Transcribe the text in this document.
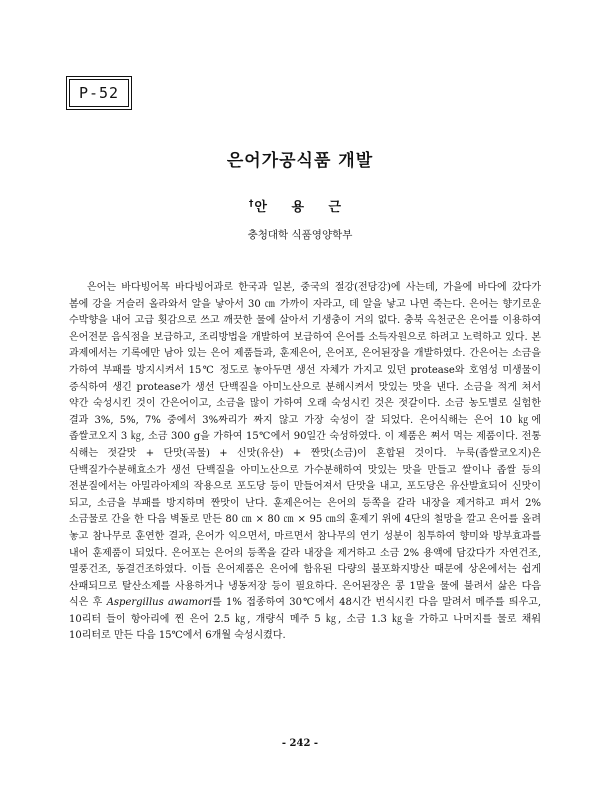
P-52
은어가공식품 개발
†안 용 근
충청대학 식품영양학부

은어는 바다빙어목 바다빙어과로 한국과 일본, 중국의 절강(전당강)에 사는데, 가을에 바다에 갔다가 봄에 강을 거슬러 올라와서 알을 낳아서 30 ㎝ 가까이 자라고, 데 알을 낳고 나면 죽는다. 은어는 향기로운 수박향을 내어 고급 횟감으로 쓰고 깨끗한 물에 살아서 기생충이 거의 없다. 충북 옥천군은 은어를 이용하여 은어전문 음식점을 보급하고, 조리방법을 개발하여 보급하여 은어를 소득자원으로 하려고 노력하고 있다. 본 과제에서는 기록에만 남아 있는 은어 제품들과, 훈제은어, 은어포, 은어된장을 개발하였다. 간은어는 소금을 가하여 부패를 방지시켜서 15℃ 정도로 놓아두면 생선 자체가 가지고 있던 protease와 호염성 미생물이 증식하여 생긴 protease가 생선 단백질을 아미노산으로 분해시켜서 맛있는 맛을 낸다. 소금을 적게 쳐서 약간 숙성시킨 것이 간은어이고, 소금을 많이 가하여 오래 숙성시킨 것은 젓갈이다. 소금 농도별로 실험한 결과 3%, 5%, 7% 중에서 3%짜리가 짜지 않고 가장 숙성이 잘 되었다. 은어식해는 은어 10 ㎏에 좁쌀코오지 3 ㎏, 소금 300 g을 가하여 15℃에서 90일간 숙성하였다. 이 제품은 쪄서 먹는 제품이다. 전통 식해는 젓갈맛 + 단맛(곡물) + 신맛(유산) + 짠맛(소금)이 혼합된 것이다. 누룩(좁쌀코오지)은 단백질가수분해효소가 생선 단백질을 아미노산으로 가수분해하여 맛있는 맛을 만들고 쌀이나 좁쌀 등의 전분질에서는 아밀라아제의 작용으로 포도당 등이 만들어져서 단맛을 내고, 포도당은 유산발효되어 신맛이 되고, 소금을 부패를 방지하며 짠맛이 난다. 훈제은어는 은어의 등쪽을 갈라 내장을 제거하고 펴서 2% 소금물로 간을 한 다음 벽돌로 만든 80 ㎝ × 80 ㎝ × 95 ㎝의 훈제기 위에 4단의 철망을 깔고 은어를 올려 놓고 참나무로 훈연한 결과, 은어가 익으면서, 마르면서 참나무의 연기 성분이 침투하여 향미와 방부효과를 내어 훈제품이 되었다. 은어포는 은어의 등쪽을 갈라 내장을 제거하고 소금 2% 용액에 담갔다가 자연건조, 열풍건조, 동결건조하였다. 이들 은어제품은 은어에 함유된 다량의 불포화지방산 때문에 상온에서는 쉽게 산패되므로 탈산소제를 사용하거나 냉동저장 등이 필요하다. 은어된장은 콩 1말을 물에 불려서 삶은 다음 식은 후 Aspergillus awamori를 1% 접종하여 30℃에서 48시간 번식시킨 다음 말려서 메주를 띄우고, 10리터 들이 항아리에 찐 은어 2.5 ㎏, 개량식 메주 5 ㎏, 소금 1.3 ㎏을 가하고 나머지를 물로 채워 10리터로 만든 다음 15℃에서 6개월 숙성시켰다.

- 242 -
